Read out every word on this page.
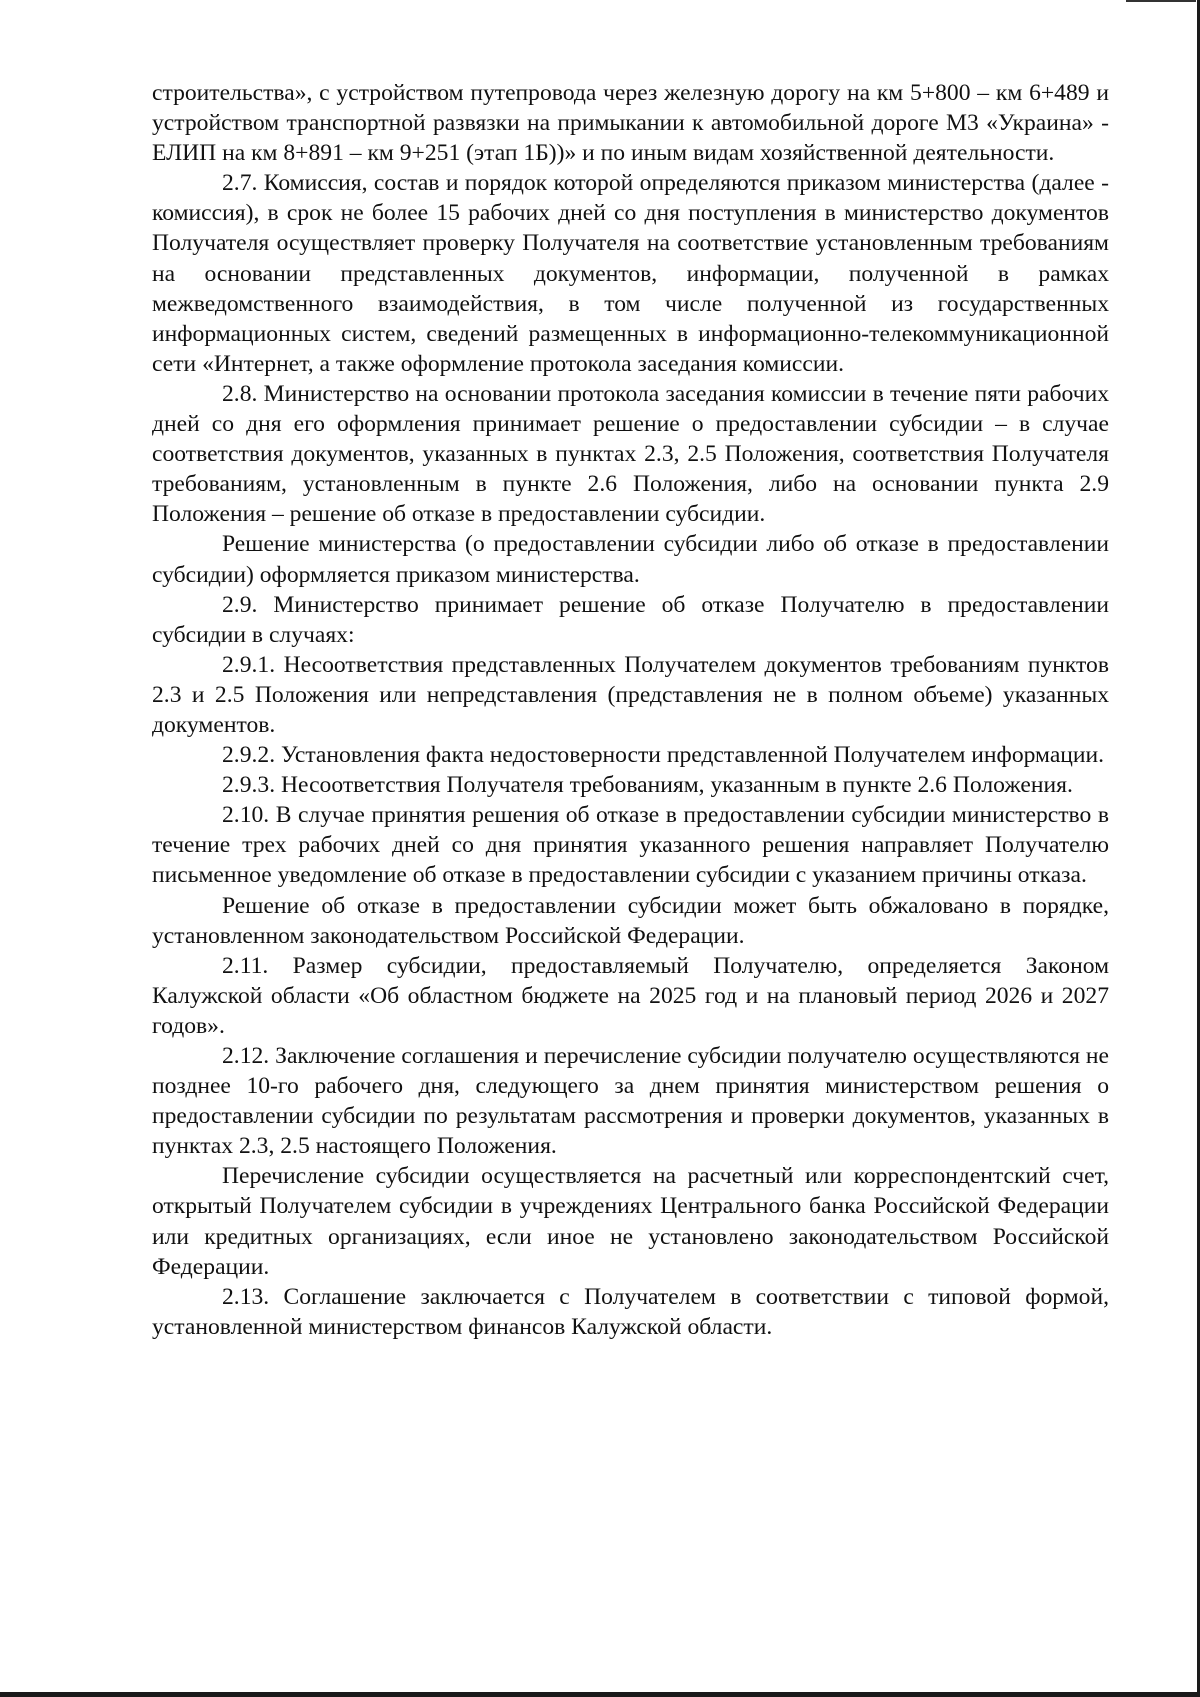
строительства», с устройством путепровода через железную дорогу на км 5+800 – км 6+489 и устройством транспортной развязки на примыкании к автомобильной дороге М3 «Украина» - ЕЛИП на км 8+891 – км 9+251 (этап 1Б))» и по иным видам хозяйственной деятельности.

2.7. Комиссия, состав и порядок которой определяются приказом министерства (далее - комиссия), в срок не более 15 рабочих дней со дня поступления в министерство документов Получателя осуществляет проверку Получателя на соответствие установленным требованиям на основании представленных документов, информации, полученной в рамках межведомственного взаимодействия, в том числе полученной из государственных информационных систем, сведений размещенных в информационно-телекоммуникационной сети «Интернет, а также оформление протокола заседания комиссии.

2.8. Министерство на основании протокола заседания комиссии в течение пяти рабочих дней со дня его оформления принимает решение о предоставлении субсидии – в случае соответствия документов, указанных в пунктах 2.3, 2.5 Положения, соответствия Получателя требованиям, установленным в пункте 2.6 Положения, либо на основании пункта 2.9 Положения – решение об отказе в предоставлении субсидии.

Решение министерства (о предоставлении субсидии либо об отказе в предоставлении субсидии) оформляется приказом министерства.

2.9. Министерство принимает решение об отказе Получателю в предоставлении субсидии в случаях:

2.9.1. Несоответствия представленных Получателем документов требованиям пунктов 2.3 и 2.5 Положения или непредставления (представления не в полном объеме) указанных документов.

2.9.2. Установления факта недостоверности представленной Получателем информации.

2.9.3. Несоответствия Получателя требованиям, указанным в пункте 2.6 Положения.

2.10. В случае принятия решения об отказе в предоставлении субсидии министерство в течение трех рабочих дней со дня принятия указанного решения направляет Получателю письменное уведомление об отказе в предоставлении субсидии с указанием причины отказа.

Решение об отказе в предоставлении субсидии может быть обжаловано в порядке, установленном законодательством Российской Федерации.

2.11. Размер субсидии, предоставляемый Получателю, определяется Законом Калужской области «Об областном бюджете на 2025 год и на плановый период 2026 и 2027 годов».

2.12. Заключение соглашения и перечисление субсидии получателю осуществляются не позднее 10-го рабочего дня, следующего за днем принятия министерством решения о предоставлении субсидии по результатам рассмотрения и проверки документов, указанных в пунктах 2.3, 2.5 настоящего Положения.

Перечисление субсидии осуществляется на расчетный или корреспондентский счет, открытый Получателем субсидии в учреждениях Центрального банка Российской Федерации или кредитных организациях, если иное не установлено законодательством Российской Федерации.

2.13. Соглашение заключается с Получателем в соответствии с типовой формой, установленной министерством финансов Калужской области.
